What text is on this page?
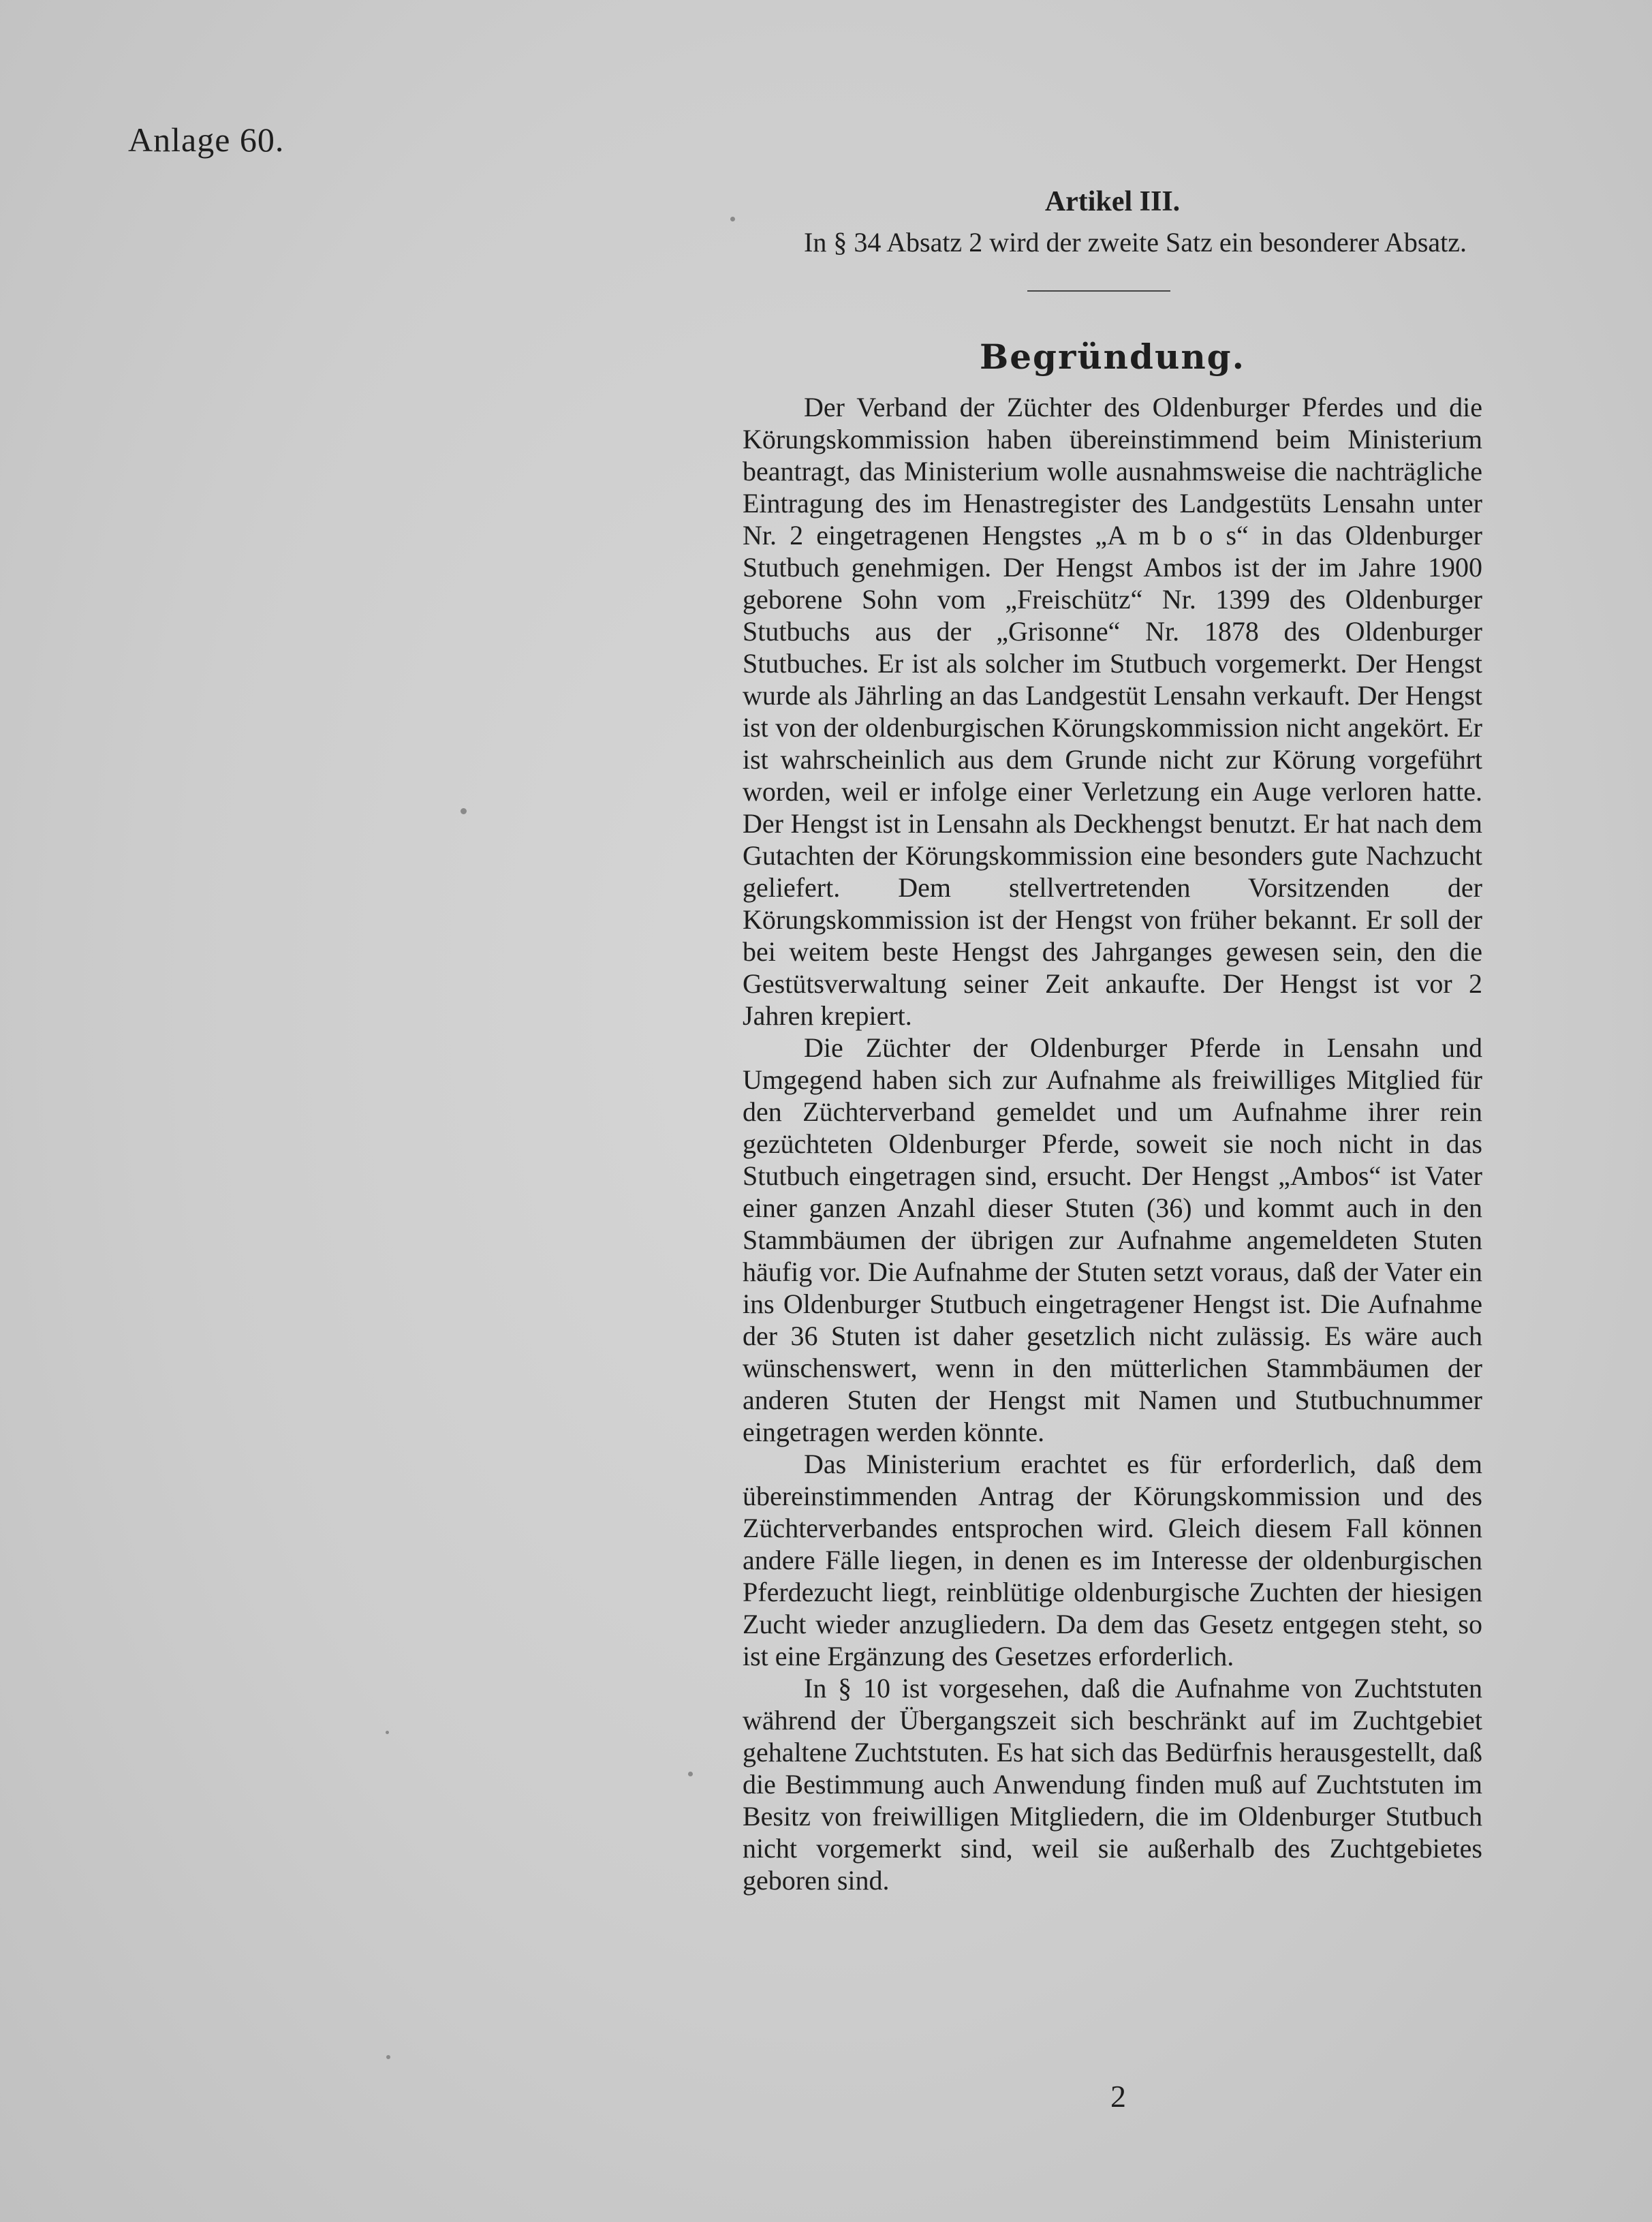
Anlage 60.
Artikel III.

In § 34 Absatz 2 wird der zweite Satz ein besonderer Absatz.

Begründung.

Der Verband der Züchter des Oldenburger Pferdes und die Körungskommission haben übereinstimmend beim Ministerium beantragt, das Ministerium wolle ausnahmsweise die nachträgliche Eintragung des im Henastregister des Landgestüts Lensahn unter Nr. 2 eingetragenen Hengstes „A m b o s“ in das Oldenburger Stutbuch genehmigen. Der Hengst Ambos ist der im Jahre 1900 geborene Sohn vom „Freischütz“ Nr. 1399 des Oldenburger Stutbuchs aus der „Grisonne“ Nr. 1878 des Oldenburger Stutbuches. Er ist als solcher im Stutbuch vorgemerkt. Der Hengst wurde als Jährling an das Landgestüt Lensahn verkauft. Der Hengst ist von der oldenburgischen Körungskommission nicht angekört. Er ist wahrscheinlich aus dem Grunde nicht zur Körung vorgeführt worden, weil er infolge einer Verletzung ein Auge verloren hatte. Der Hengst ist in Lensahn als Deckhengst benutzt. Er hat nach dem Gutachten der Körungskommission eine besonders gute Nachzucht geliefert. Dem stellvertretenden Vorsitzenden der Körungskommission ist der Hengst von früher bekannt. Er soll der bei weitem beste Hengst des Jahrganges gewesen sein, den die Gestütsverwaltung seiner Zeit ankaufte. Der Hengst ist vor 2 Jahren krepiert.

Die Züchter der Oldenburger Pferde in Lensahn und Umgegend haben sich zur Aufnahme als freiwilliges Mitglied für den Züchterverband gemeldet und um Aufnahme ihrer rein gezüchteten Oldenburger Pferde, soweit sie noch nicht in das Stutbuch eingetragen sind, ersucht. Der Hengst „Ambos“ ist Vater einer ganzen Anzahl dieser Stuten (36) und kommt auch in den Stammbäumen der übrigen zur Aufnahme angemeldeten Stuten häufig vor. Die Aufnahme der Stuten setzt voraus, daß der Vater ein ins Oldenburger Stutbuch eingetragener Hengst ist. Die Aufnahme der 36 Stuten ist daher gesetzlich nicht zulässig. Es wäre auch wünschenswert, wenn in den mütterlichen Stammbäumen der anderen Stuten der Hengst mit Namen und Stutbuchnummer eingetragen werden könnte.

Das Ministerium erachtet es für erforderlich, daß dem übereinstimmenden Antrag der Körungskommission und des Züchterverbandes entsprochen wird. Gleich diesem Fall können andere Fälle liegen, in denen es im Interesse der oldenburgischen Pferdezucht liegt, reinblütige oldenburgische Zuchten der hiesigen Zucht wieder anzugliedern. Da dem das Gesetz entgegen steht, so ist eine Ergänzung des Gesetzes erforderlich.

In § 10 ist vorgesehen, daß die Aufnahme von Zuchtstuten während der Übergangszeit sich beschränkt auf im Zuchtgebiet gehaltene Zuchtstuten. Es hat sich das Bedürfnis herausgestellt, daß die Bestimmung auch Anwendung finden muß auf Zuchtstuten im Besitz von freiwilligen Mitgliedern, die im Oldenburger Stutbuch nicht vorgemerkt sind, weil sie außerhalb des Zuchtgebietes geboren sind.

2
